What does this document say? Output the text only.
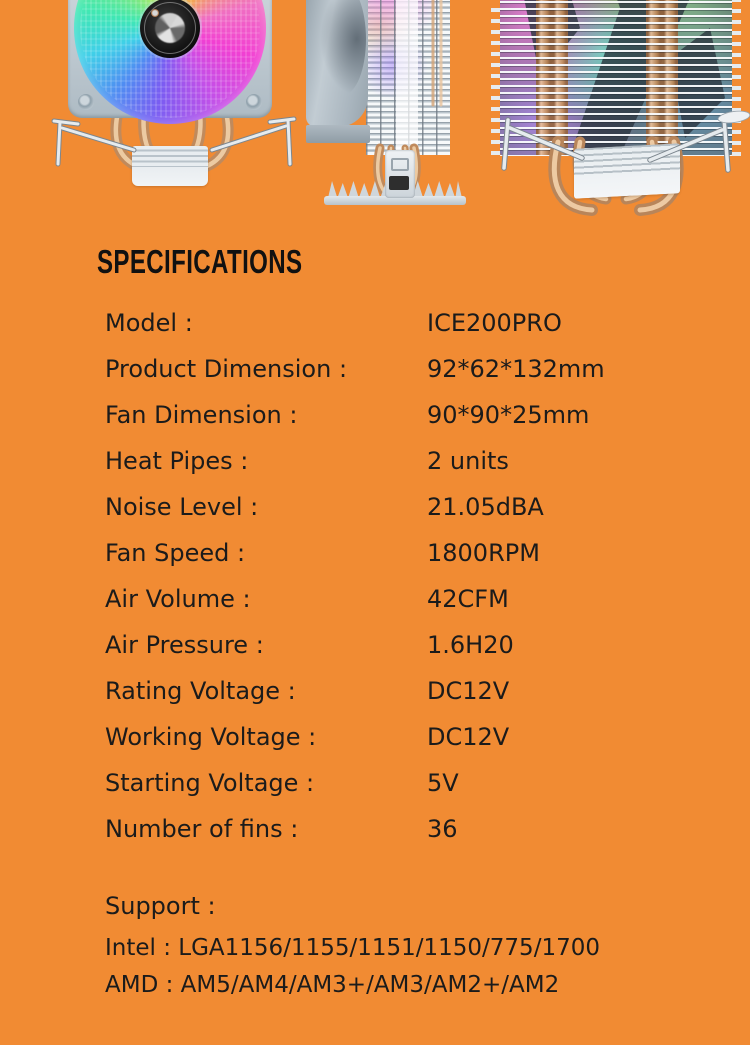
SPECIFICATIONS
Model :	ICE200PRO
Product Dimension :	92*62*132mm
Fan Dimension :	90*90*25mm
Heat Pipes :	2 units
Noise Level :	21.05dBA
Fan Speed :	1800RPM
Air Volume :	42CFM
Air Pressure :	1.6H20
Rating Voltage :	DC12V
Working Voltage :	DC12V
Starting Voltage :	5V
Number of fins :	36
Support :
Intel : LGA1156/1155/1151/1150/775/1700
AMD : AM5/AM4/AM3+/AM3/AM2+/AM2
